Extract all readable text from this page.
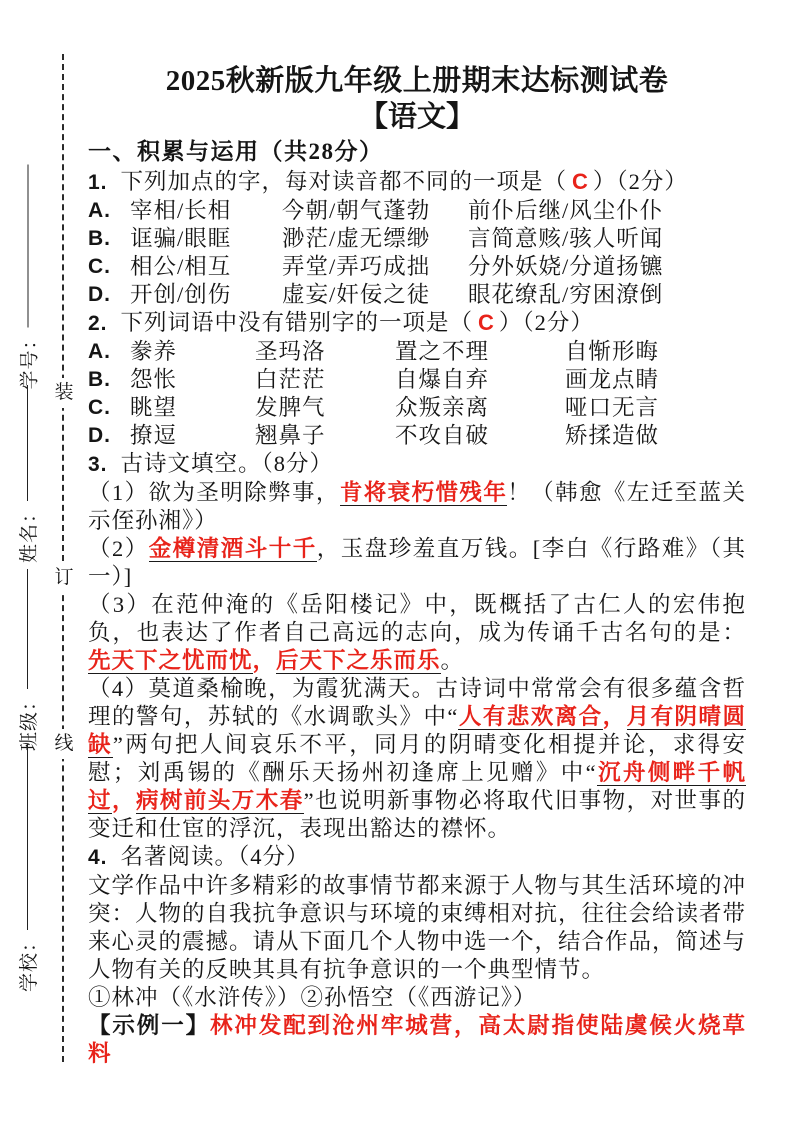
装
订
线
学号：
姓名：
班级：
学校：
2025秋新版九年级上册期末达标测试卷
【语文】
一、积累与运用（共28分）

1. 下列加点的字，每对读音都不同的一项是（ C ）（2分）

A. 宰相/长相	今朝/朝气蓬勃	前仆后继/风尘仆仆
B. 诓骗/眼眶	渺茫/虚无缥缈	言简意赅/骇人听闻
C. 相公/相互	弄堂/弄巧成拙	分外妖娆/分道扬镳
D. 开创/创伤	虚妄/奸佞之徒	眼花缭乱/穷困潦倒

2. 下列词语中没有错别字的一项是（ C ）（2分）

A. 豢养	圣玛洛	置之不理	自惭形晦
B. 怨怅	白茫茫	自爆自弃	画龙点睛
C. 眺望	发脾气	众叛亲离	哑口无言
D. 撩逗	翘鼻子	不攻自破	矫揉造做

3. 古诗文填空。（8分）

（1）欲为圣明除弊事，肯将衰朽惜残年！（韩愈《左迁至蓝关示侄孙湘》）

（2）金樽清酒斗十千，玉盘珍羞直万钱。[李白《行路难》（其一）]

（3）在范仲淹的《岳阳楼记》中，既概括了古仁人的宏伟抱负，也表达了作者自己高远的志向，成为传诵千古名句的是：先天下之忧而忧，后天下之乐而乐。

（4）莫道桑榆晚，为霞犹满天。古诗词中常常会有很多蕴含哲理的警句，苏轼的《水调歌头》中“人有悲欢离合，月有阴晴圆缺”两句把人间哀乐不平，同月的阴晴变化相提并论，求得安慰；刘禹锡的《酬乐天扬州初逢席上见赠》中“沉舟侧畔千帆过，病树前头万木春”也说明新事物必将取代旧事物，对世事的变迁和仕宦的浮沉，表现出豁达的襟怀。

4. 名著阅读。（4分）

文学作品中许多精彩的故事情节都来源于人物与其生活环境的冲突：人物的自我抗争意识与环境的束缚相对抗，往往会给读者带来心灵的震撼。请从下面几个人物中选一个，结合作品，简述与人物有关的反映其具有抗争意识的一个典型情节。

①林冲（《水浒传》）②孙悟空（《西游记》）

【示例一】林冲发配到沧州牢城营，高太尉指使陆虞候火烧草料
